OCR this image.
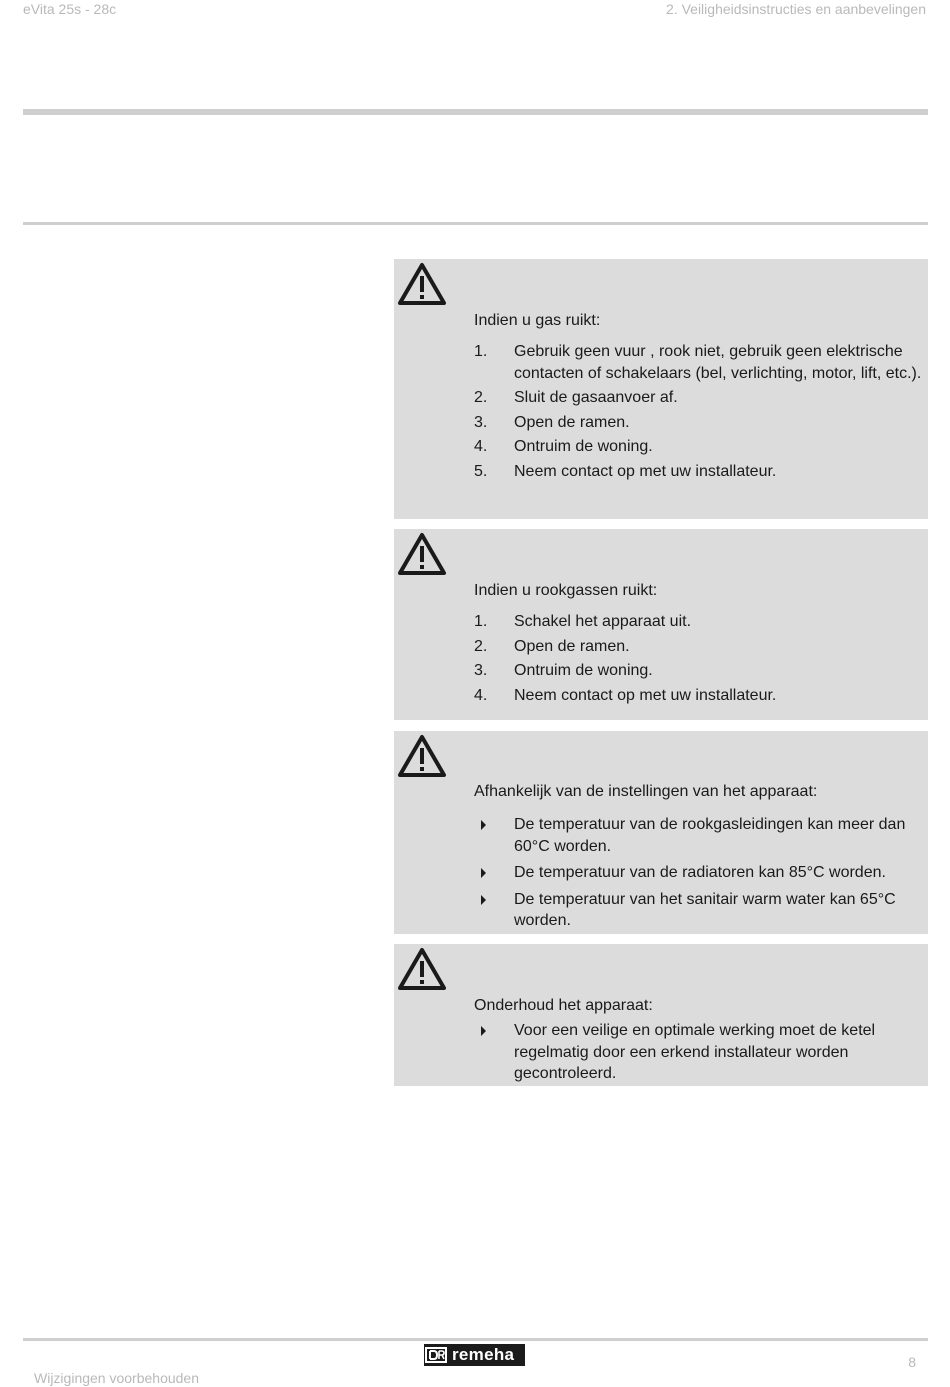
eVita 25s - 28c	2. Veiligheidsinstructies en aanbevelingen
Indien u gas ruikt:
1. Gebruik geen vuur , rook niet, gebruik geen elektrische contacten of schakelaars (bel, verlichting, motor, lift, etc.).
2. Sluit de gasaanvoer af.
3. Open de ramen.
4. Ontruim de woning.
5. Neem contact op met uw installateur.
Indien u rookgassen ruikt:
1. Schakel het apparaat uit.
2. Open de ramen.
3. Ontruim de woning.
4. Neem contact op met uw installateur.
Afhankelijk van de instellingen van het apparaat:
De temperatuur van de rookgasleidingen kan meer dan 60°C worden.
De temperatuur van de radiatoren kan 85°C worden.
De temperatuur van het sanitair warm water kan 65°C worden.
Onderhoud het apparaat:
Voor een veilige en optimale werking moet de ketel regelmatig door een erkend installateur worden gecontroleerd.
remeha
Wijzigingen voorbehouden
8
